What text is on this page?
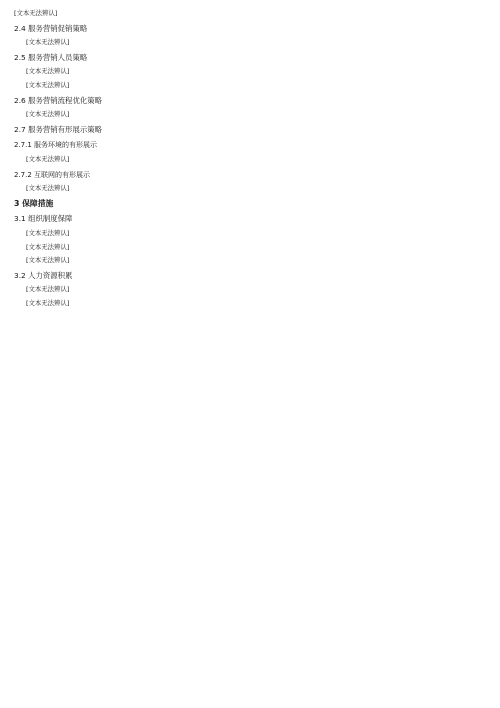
[文本无法辨认]
2.4 服务营销促销策略
[文本无法辨认]
2.5 服务营销人员策略
[文本无法辨认]
[文本无法辨认]
2.6 服务营销流程优化策略
[文本无法辨认]
2.7 服务营销有形展示策略
2.7.1 服务环境的有形展示
[文本无法辨认]
2.7.2 互联网的有形展示
[文本无法辨认]
3 保障措施
3.1 组织制度保障
[文本无法辨认]
[文本无法辨认]
[文本无法辨认]
3.2 人力资源积累
[文本无法辨认]
[文本无法辨认]
